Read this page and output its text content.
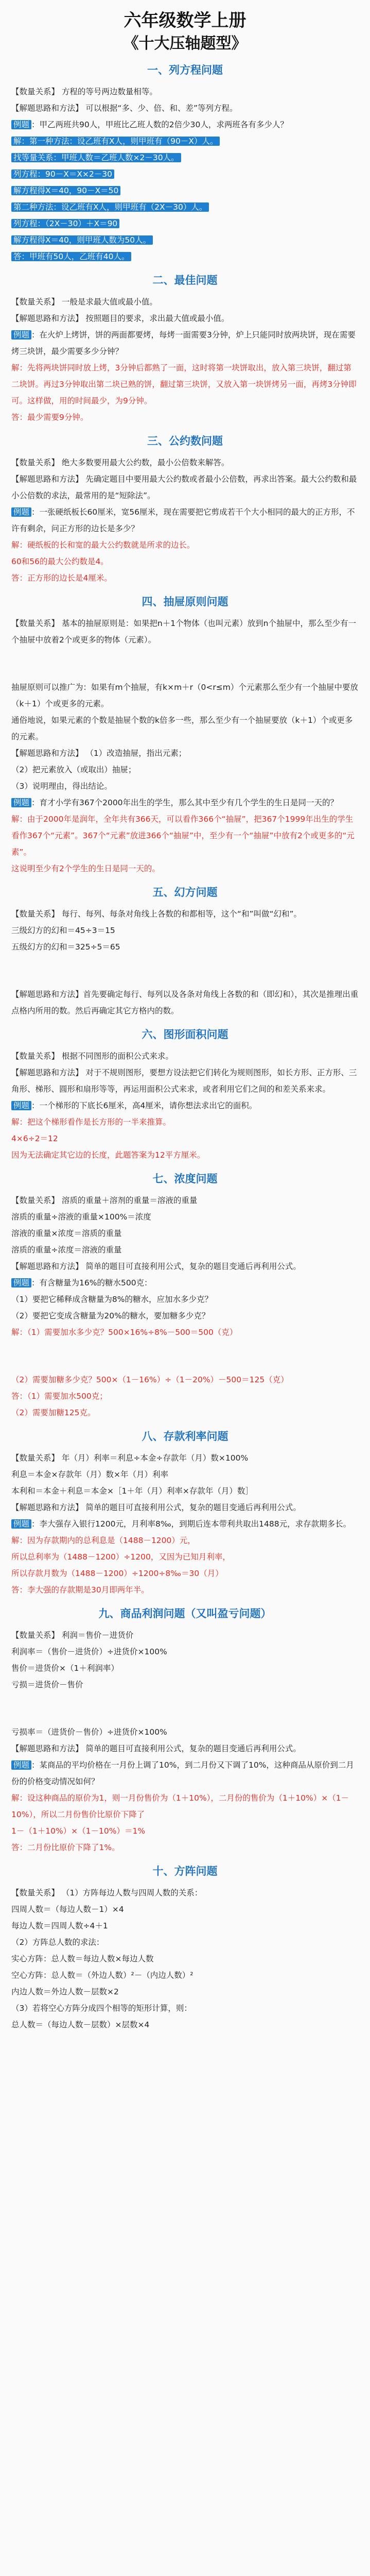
六年级数学上册
《十大压轴题型》
一、列方程问题
【数量关系】 方程的等号两边数量相等。
【解题思路和方法】 可以根据“多、少、倍、和、差”等列方程。
例题 ：甲乙两班共90人，甲班比乙班人数的2倍少30人，求两班各有多少人？
解：第一种方法：设乙班有X人，则甲班有（90－X）人。
找等量关系：甲班人数＝乙班人数×2－30人。
列方程：90－X＝X×2－30
解方程得X＝40，90－X＝50
第二种方法：设乙班有X人，则甲班有（2X－30）人。
列方程：（2X－30）＋X＝90
解方程得X＝40，则甲班人数为50人。
答：甲班有50人，乙班有40人。
二、最佳问题
【数量关系】 一般是求最大值或最小值。
【解题思路和方法】 按照题目的要求，求出最大值或最小值。
例题 ：在火炉上烤饼，饼的两面都要烤，每烤一面需要3分钟，炉上只能同时放两块饼，现在需要烤三块饼，最少需要多少分钟？
解：先将两块饼同时放上烤，3分钟后都熟了一面，这时将第一块饼取出，放入第三块饼，翻过第二块饼。再过3分钟取出第二块已熟的饼，翻过第三块饼，又放入第一块饼烤另一面，再烤3分钟即可。这样做，用的时间最少，为9分钟。
答：最少需要9分钟。
三、公约数问题
【数量关系】 绝大多数要用最大公约数，最小公倍数来解答。
【解题思路和方法】 先确定题目中要用最大公约数或者最小公倍数，再求出答案。最大公约数和最小公倍数的求法，最常用的是“短除法”。
例题 ：一张硬纸板长60厘米，宽56厘米，现在需要把它剪成若干个大小相同的最大的正方形，不许有剩余，问正方形的边长是多少？
解：硬纸板的长和宽的最大公约数就是所求的边长。
60和56的最大公约数是4。
答：正方形的边长是4厘米。
四、抽屉原则问题
【数量关系】 基本的抽屉原则是：如果把n＋1个物体（也叫元素）放到n个抽屉中，那么至少有一个抽屉中放着2个或更多的物体（元素）。
抽屉原则可以推广为：如果有m个抽屉，有k×m＋r（0<r≤m）个元素那么至少有一个抽屉中要放（k＋1）个或更多的元素。
通俗地说，如果元素的个数是抽屉个数的k倍多一些，那么至少有一个抽屉要放（k＋1）个或更多的元素。
【解题思路和方法】 （1）改造抽屉，指出元素；
（2）把元素放入（或取出）抽屉；
（3）说明理由，得出结论。
例题 ：育才小学有367个2000年出生的学生，那么其中至少有几个学生的生日是同一天的？
解：由于2000年是润年，全年共有366天，可以看作366个“抽屉”，把367个1999年出生的学生看作367个“元素”。367个“元素”放进366个“抽屉”中，至少有一个“抽屉”中放有2个或更多的“元素”。
这说明至少有2个学生的生日是同一天的。
五、幻方问题
【数量关系】 每行、每列、每条对角线上各数的和都相等，这个“和”叫做“幻和”。
三级幻方的幻和＝45÷3＝15
五级幻方的幻和＝325÷5＝65
【解题思路和方法】首先要确定每行、每列以及各条对角线上各数的和（即幻和），其次是推理出重点格内所用的数。然后再确定其它方格内的数。
六、图形面积问题
【数量关系】 根据不同图形的面积公式来求。
【解题思路和方法】 对于不规则图形，要想方设法把它们转化为规则图形，如长方形、正方形、三角形、梯形、圆形和扇形等等，再运用面积公式来求，或者利用它们之间的和差关系来求。
例题 ：一个梯形的下底长6厘米，高4厘米，请你想法求出它的面积。
解：把这个梯形看作是长方形的一半来推算。
4×6÷2＝12
因为无法确定其它边的长度，此题答案为12平方厘米。
七、浓度问题
【数量关系】 溶质的重量＋溶剂的重量＝溶液的重量
溶质的重量÷溶液的重量×100%＝浓度
溶液的重量×浓度＝溶质的重量
溶质的重量÷浓度＝溶液的重量
【解题思路和方法】 简单的题目可直接利用公式，复杂的题目变通后再利用公式。
例题 ：有含糖量为16%的糖水500克：
（1）要把它稀释成含糖量为8%的糖水，应加水多少克？
（2）要把它变成含糖量为20%的糖水，要加糖多少克？
解：（1）需要加水多少克？500×16%÷8%－500＝500（克）
（2）需要加糖多少克？500×（1－16%）÷（1－20%）－500＝125（克）
答：（1）需要加水500克；
（2）需要加糖125克。
八、存款利率问题
【数量关系】 年（月）利率＝利息÷本金÷存款年（月）数×100%
利息＝本金×存款年（月）数×年（月）利率
本利和＝本金＋利息＝本金×［1＋年（月）利率×存款年（月）数］
【解题思路和方法】 简单的题目可直接利用公式，复杂的题目变通后再利用公式。
例题 ：李大强存入银行1200元，月利率8‰，到期后连本带利共取出1488元，求存款期多长。
解：因为存款期内的总利息是（1488－1200）元，
所以总利率为（1488－1200）÷1200，又因为已知月利率，
所以存款月数为（1488－1200）÷1200÷8‰＝30（月）
答：李大强的存款期是30月即两年半。
九、商品利润问题（又叫盈亏问题）
【数量关系】 利润＝售价－进货价
利润率＝（售价－进货价）÷进货价×100%
售价＝进货价×（1＋利润率）
亏损＝进货价－售价
亏损率＝（进货价－售价）÷进货价×100%
【解题思路和方法】 简单的题目可直接利用公式，复杂的题目变通后再利用公式。
例题 ：某商品的平均价格在一月份上调了10%，到二月份又下调了10%，这种商品从原价到二月份的价格变动情况如何？
解：设这种商品的原价为1，则一月份售价为（1＋10%），二月份的售价为（1＋10%）×（1－10%），所以二月份售价比原价下降了
1－（1＋10%）×（1－10%）＝1%
答：二月份比原价下降了1%。
十、方阵问题
【数量关系】 （1）方阵每边人数与四周人数的关系：
四周人数＝（每边人数－1）×4
每边人数＝四周人数÷4＋1
（2）方阵总人数的求法：
实心方阵：总人数＝每边人数×每边人数
空心方阵：总人数＝（外边人数）²－（内边人数）²
内边人数＝外边人数－层数×2
（3）若将空心方阵分成四个相等的矩形计算，则：
总人数＝（每边人数－层数）×层数×4
